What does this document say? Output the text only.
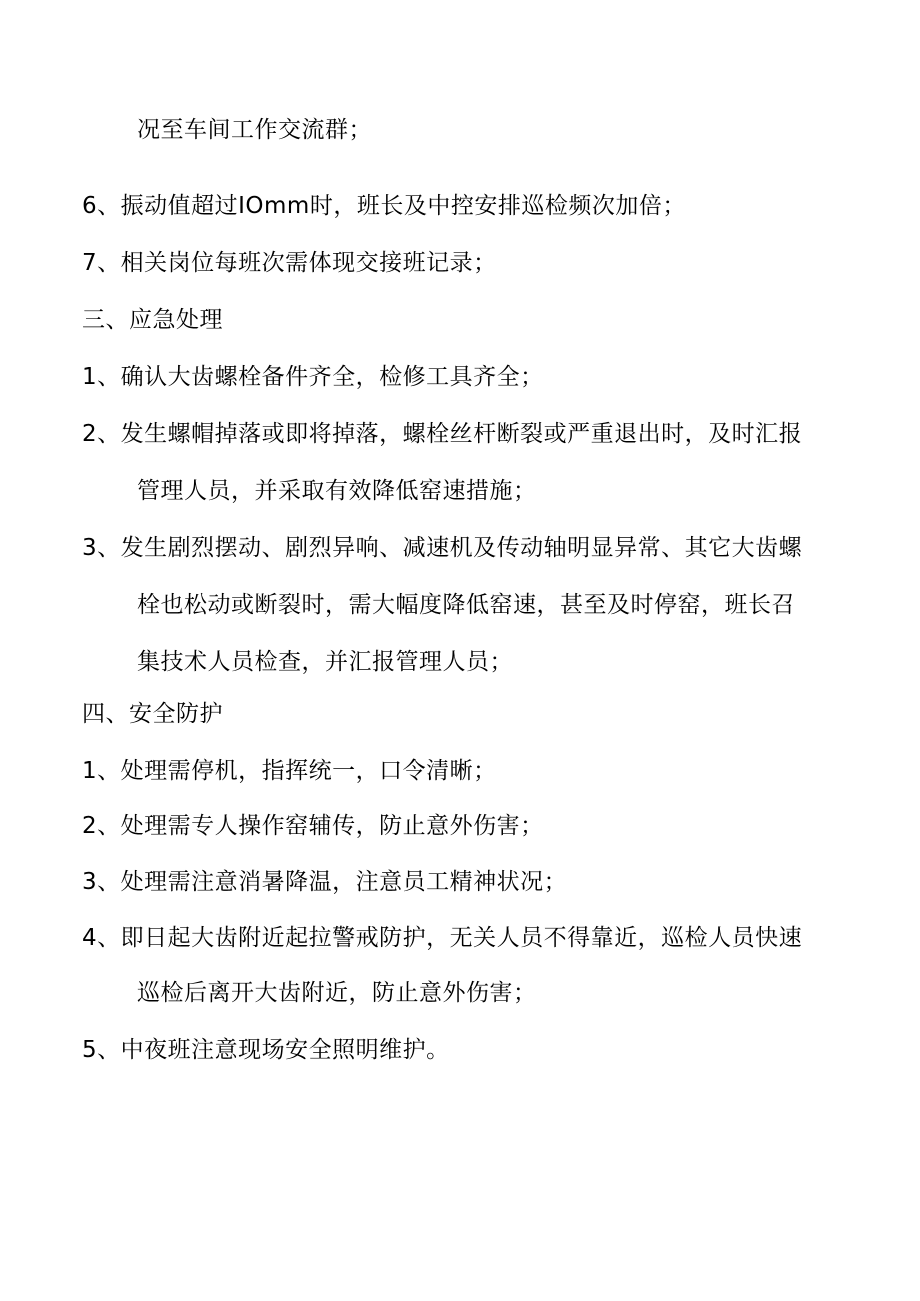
况至车间工作交流群；
6、振动值超过IOmm时，班长及中控安排巡检频次加倍；
7、相关岗位每班次需体现交接班记录；
三、应急处理
1、确认大齿螺栓备件齐全，检修工具齐全；
2、发生螺帽掉落或即将掉落，螺栓丝杆断裂或严重退出时，及时汇报
管理人员，并采取有效降低窑速措施；
3、发生剧烈摆动、剧烈异响、减速机及传动轴明显异常、其它大齿螺
栓也松动或断裂时，需大幅度降低窑速，甚至及时停窑，班长召
集技术人员检查，并汇报管理人员；
四、安全防护
1、处理需停机，指挥统一，口令清晰；
2、处理需专人操作窑辅传，防止意外伤害；
3、处理需注意消暑降温，注意员工精神状况；
4、即日起大齿附近起拉警戒防护，无关人员不得靠近，巡检人员快速
巡检后离开大齿附近，防止意外伤害；
5、中夜班注意现场安全照明维护。
